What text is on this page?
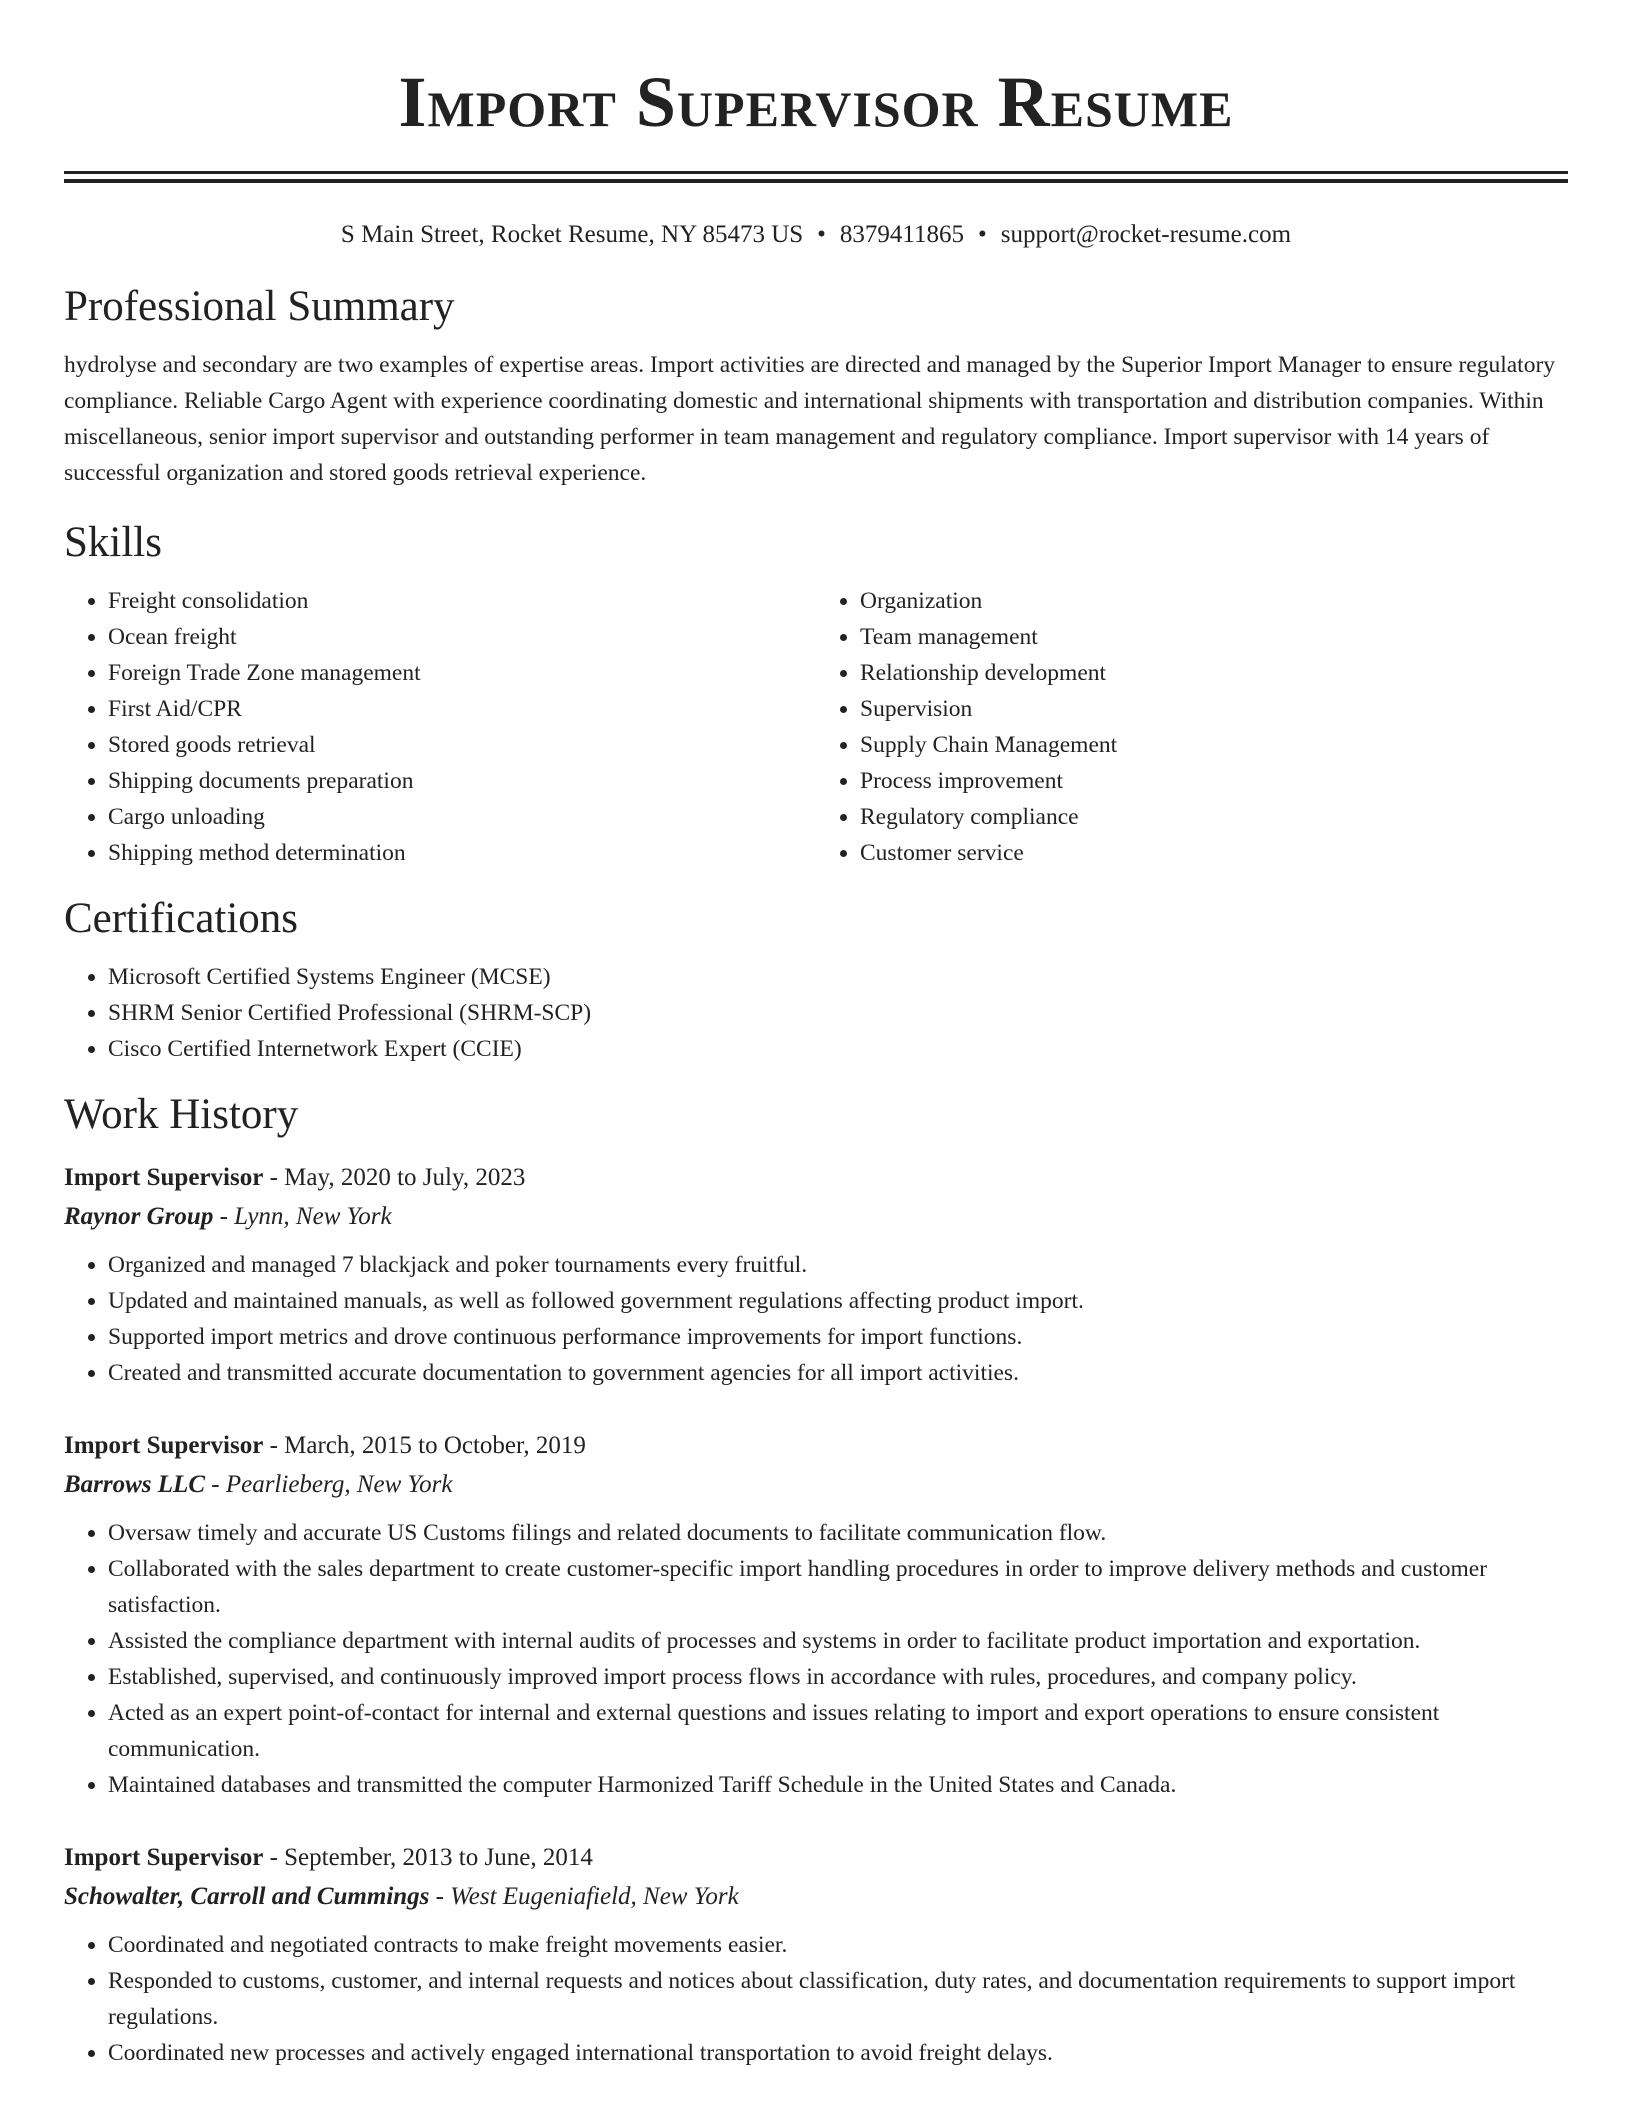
Import Supervisor Resume
S Main Street, Rocket Resume, NY 85473 US • 8379411865 • support@rocket-resume.com
Professional Summary

hydrolyse and secondary are two examples of expertise areas. Import activities are directed and managed by the Superior Import Manager to ensure regulatory compliance. Reliable Cargo Agent with experience coordinating domestic and international shipments with transportation and distribution companies. Within miscellaneous, senior import supervisor and outstanding performer in team management and regulatory compliance. Import supervisor with 14 years of successful organization and stored goods retrieval experience.

Skills
• Freight consolidation
• Ocean freight
• Foreign Trade Zone management
• First Aid/CPR
• Stored goods retrieval
• Shipping documents preparation
• Cargo unloading
• Shipping method determination
• Organization
• Team management
• Relationship development
• Supervision
• Supply Chain Management
• Process improvement
• Regulatory compliance
• Customer service
Certifications
• Microsoft Certified Systems Engineer (MCSE)
• SHRM Senior Certified Professional (SHRM-SCP)
• Cisco Certified Internetwork Expert (CCIE)
Work History
Import Supervisor - May, 2020 to July, 2023
Raynor Group - Lynn, New York
• Organized and managed 7 blackjack and poker tournaments every fruitful.
• Updated and maintained manuals, as well as followed government regulations affecting product import.
• Supported import metrics and drove continuous performance improvements for import functions.
• Created and transmitted accurate documentation to government agencies for all import activities.
Import Supervisor - March, 2015 to October, 2019
Barrows LLC - Pearlieberg, New York
• Oversaw timely and accurate US Customs filings and related documents to facilitate communication flow.
• Collaborated with the sales department to create customer-specific import handling procedures in order to improve delivery methods and customer satisfaction.
• Assisted the compliance department with internal audits of processes and systems in order to facilitate product importation and exportation.
• Established, supervised, and continuously improved import process flows in accordance with rules, procedures, and company policy.
• Acted as an expert point-of-contact for internal and external questions and issues relating to import and export operations to ensure consistent communication.
• Maintained databases and transmitted the computer Harmonized Tariff Schedule in the United States and Canada.
Import Supervisor - September, 2013 to June, 2014
Schowalter, Carroll and Cummings - West Eugeniafield, New York
• Coordinated and negotiated contracts to make freight movements easier.
• Responded to customs, customer, and internal requests and notices about classification, duty rates, and documentation requirements to support import regulations.
• Coordinated new processes and actively engaged international transportation to avoid freight delays.
